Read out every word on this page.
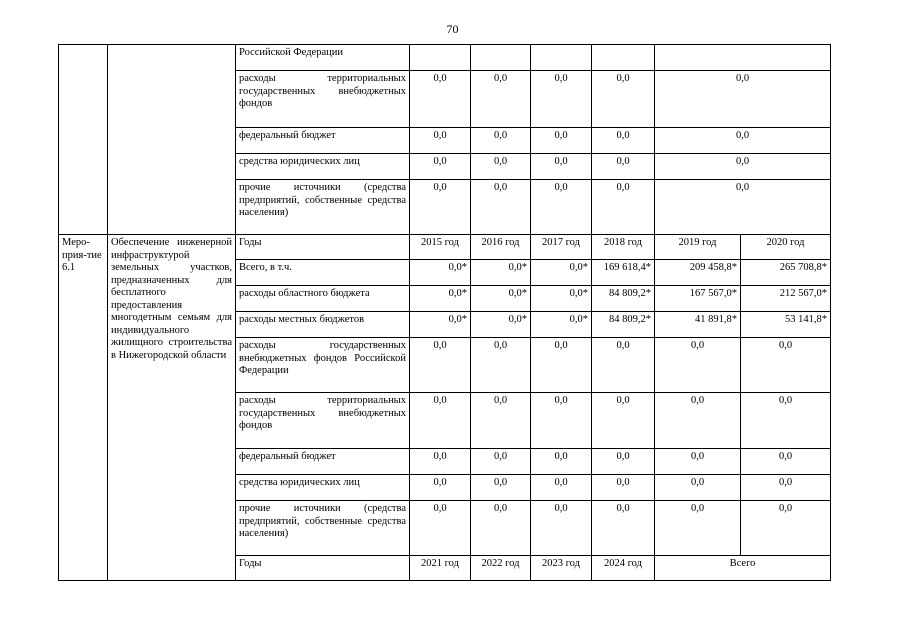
70
		Российской Федерации						
		расходы территориальных государственных внебюджетных фондов	0,0	0,0	0,0	0,0	0,0	
		федеральный бюджет	0,0	0,0	0,0	0,0	0,0	
		средства юридических лиц	0,0	0,0	0,0	0,0	0,0	
		прочие источники (средства предприятий, собственные средства населения)	0,0	0,0	0,0	0,0	0,0	
Меро-прия-тие 6.1	Обеспечение инженерной инфраструктурой земельных участков, предназначенных для бесплатного предоставления многодетным семьям для индивидуального жилищного строительства в Нижегородской области	Годы	2015 год	2016 год	2017 год	2018 год	2019 год	2020 год
		Всего, в т.ч.	0,0*	0,0*	0,0*	169 618,4*	209 458,8*	265 708,8*
		расходы областного бюджета	0,0*	0,0*	0,0*	84 809,2*	167 567,0*	212 567,0*
		расходы местных бюджетов	0,0*	0,0*	0,0*	84 809,2*	41 891,8*	53 141,8*
		расходы государственных внебюджетных фондов Российской Федерации	0,0	0,0	0,0	0,0	0,0	0,0
		расходы территориальных государственных внебюджетных фондов	0,0	0,0	0,0	0,0	0,0	0,0
		федеральный бюджет	0,0	0,0	0,0	0,0	0,0	0,0
		средства юридических лиц	0,0	0,0	0,0	0,0	0,0	0,0
		прочие источники (средства предприятий, собственные средства населения)	0,0	0,0	0,0	0,0	0,0	0,0
		Годы	2021 год	2022 год	2023 год	2024 год	Всего	
